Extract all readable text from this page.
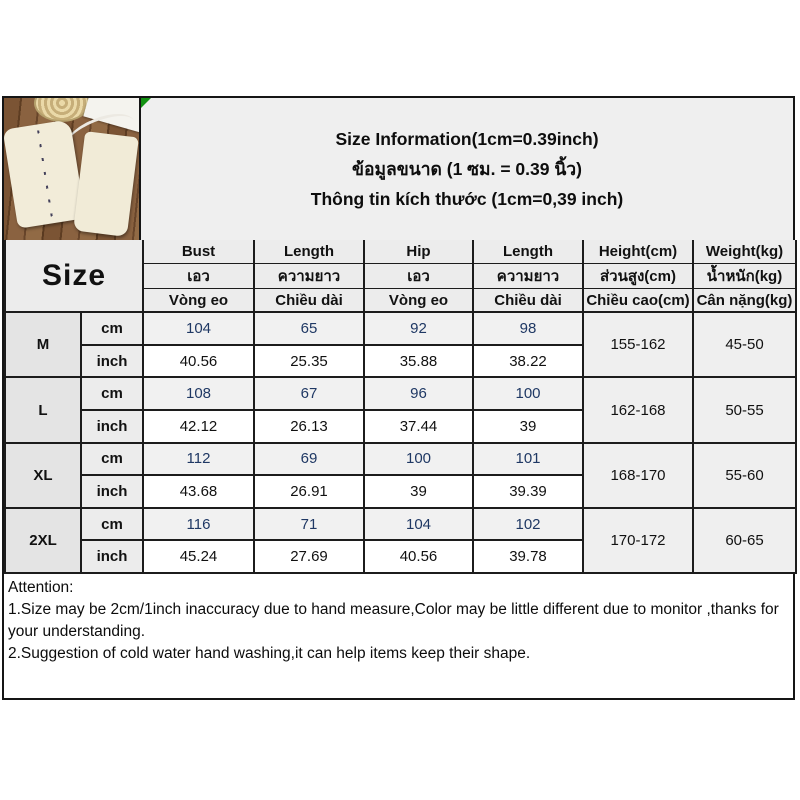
Size Information(1cm=0.39inch)
ข้อมูลขนาด (1 ซม. = 0.39 นิ้ว)
Thông tin kích thước (1cm=0,39 inch)
Size		Bust	Length	Hip	Length	Height(cm)	Weight(kg)
		เอว	ความยาว	เอว	ความยาว	ส่วนสูง(cm)	น้ำหนัก(kg)
		Vòng eo	Chiều dài	Vòng eo	Chiều dài	Chiều cao(cm)	Cân nặng(kg)
M	cm	104	65	92	98	155-162	45-50
	inch	40.56	25.35	35.88	38.22		
L	cm	108	67	96	100	162-168	50-55
	inch	42.12	26.13	37.44	39		
XL	cm	112	69	100	101	168-170	55-60
	inch	43.68	26.91	39	39.39		
2XL	cm	116	71	104	102	170-172	60-65
	inch	45.24	27.69	40.56	39.78		
Attention:
1.Size may be 2cm/1inch inaccuracy due to hand measure,Color may be little different due to monitor ,thanks for your understanding.
2.Suggestion of cold water hand washing,it can help items keep their shape.
